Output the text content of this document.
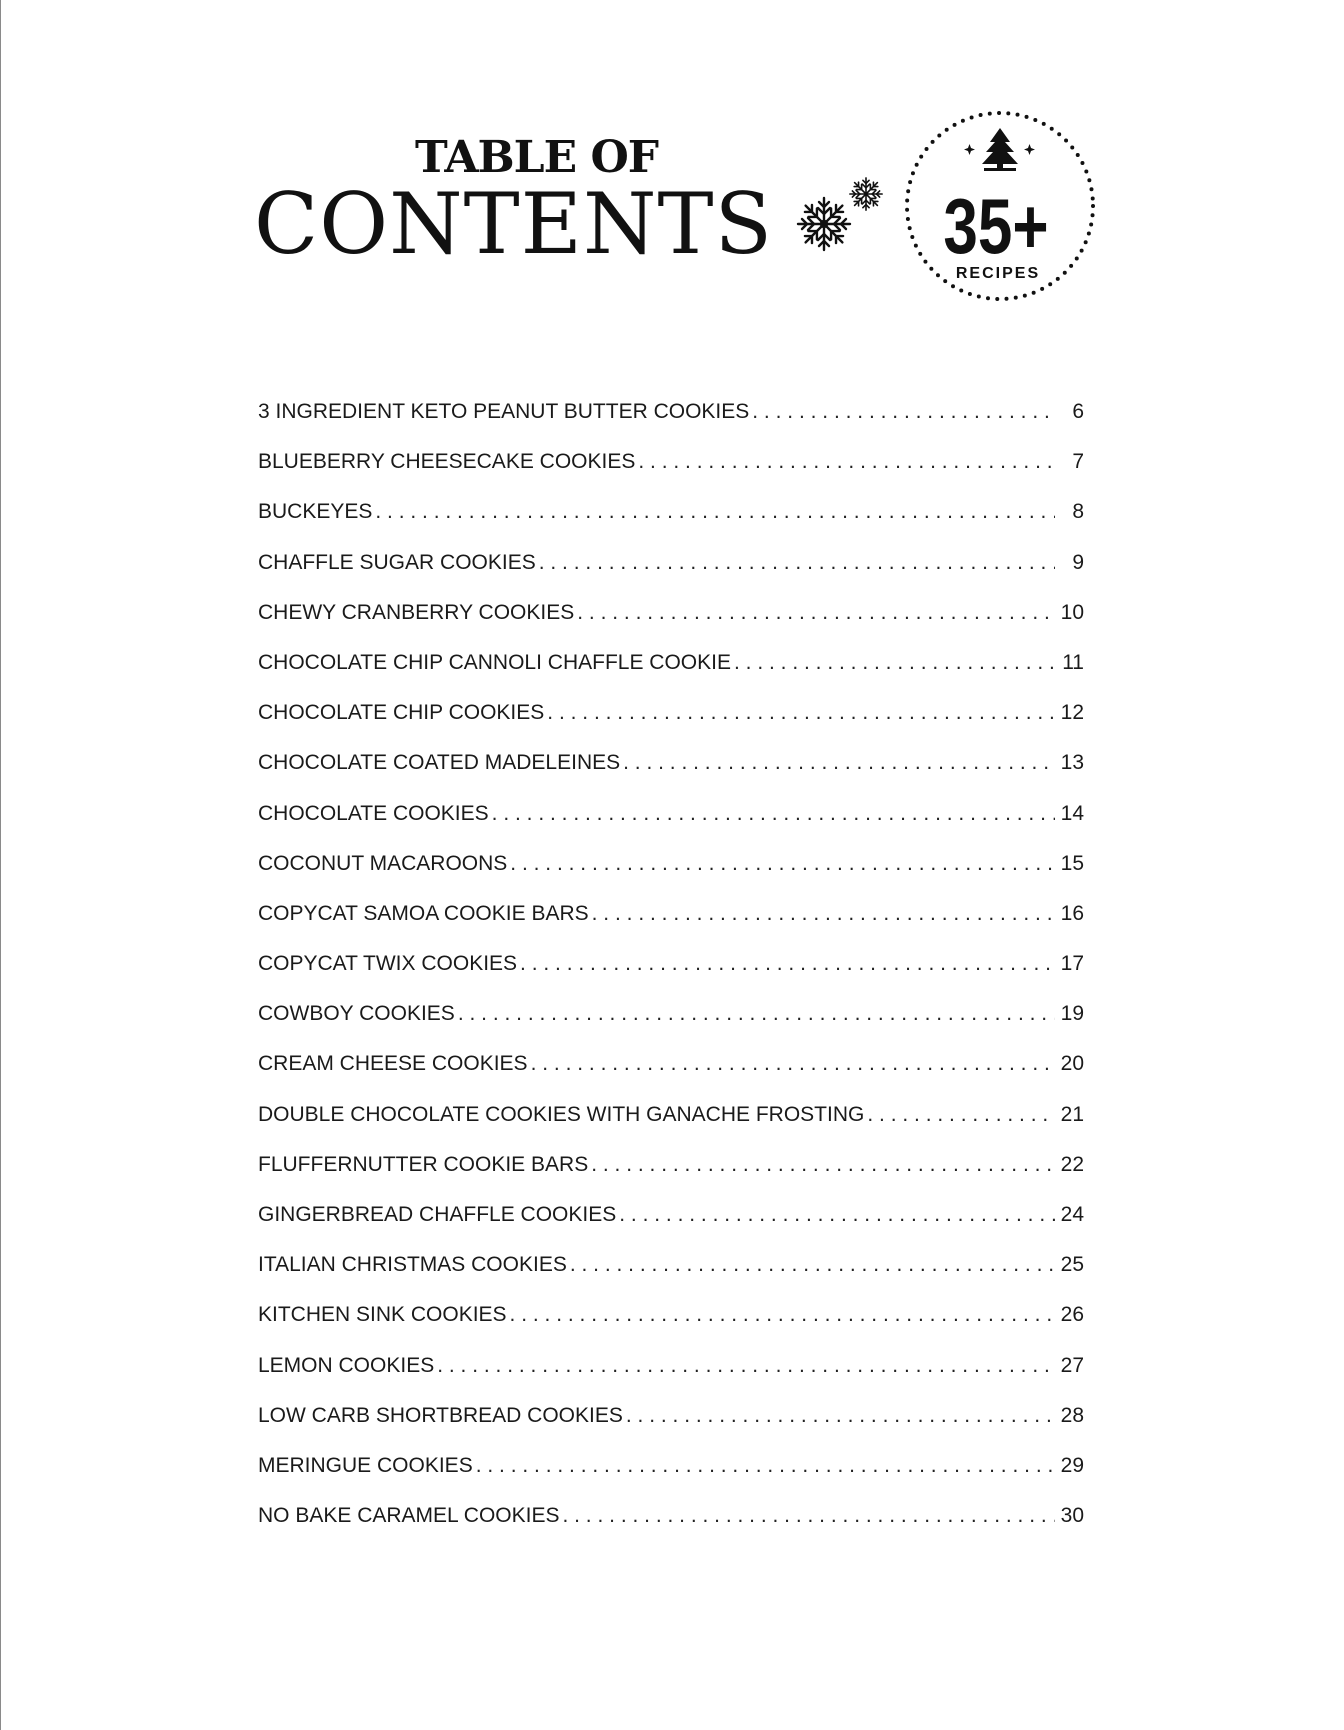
TABLE OF
CONTENTS	35+
RECIPES
3 INGREDIENT KETO PEANUT BUTTER COOKIES . . .	6
BLUEBERRY CHEESECAKE COOKIES . . .	7
BUCKEYES . . .	8
CHAFFLE SUGAR COOKIES . . .	9
CHEWY CRANBERRY COOKIES . . .	10
CHOCOLATE CHIP CANNOLI CHAFFLE COOKIE . . .	11
CHOCOLATE CHIP COOKIES . . .	12
CHOCOLATE COATED MADELEINES . . .	13
CHOCOLATE COOKIES . . .	14
COCONUT MACAROONS . . .	15
COPYCAT SAMOA COOKIE BARS . . .	16
COPYCAT TWIX COOKIES . . .	17
COWBOY COOKIES . . .	19
CREAM CHEESE COOKIES . . .	20
DOUBLE CHOCOLATE COOKIES WITH GANACHE FROSTING . . .	21
FLUFFERNUTTER COOKIE BARS . . .	22
GINGERBREAD CHAFFLE COOKIES . . .	24
ITALIAN CHRISTMAS COOKIES . . .	25
KITCHEN SINK COOKIES . . .	26
LEMON COOKIES . . .	27
LOW CARB SHORTBREAD COOKIES . . .	28
MERINGUE COOKIES . . .	29
NO BAKE CARAMEL COOKIES . . .	30
